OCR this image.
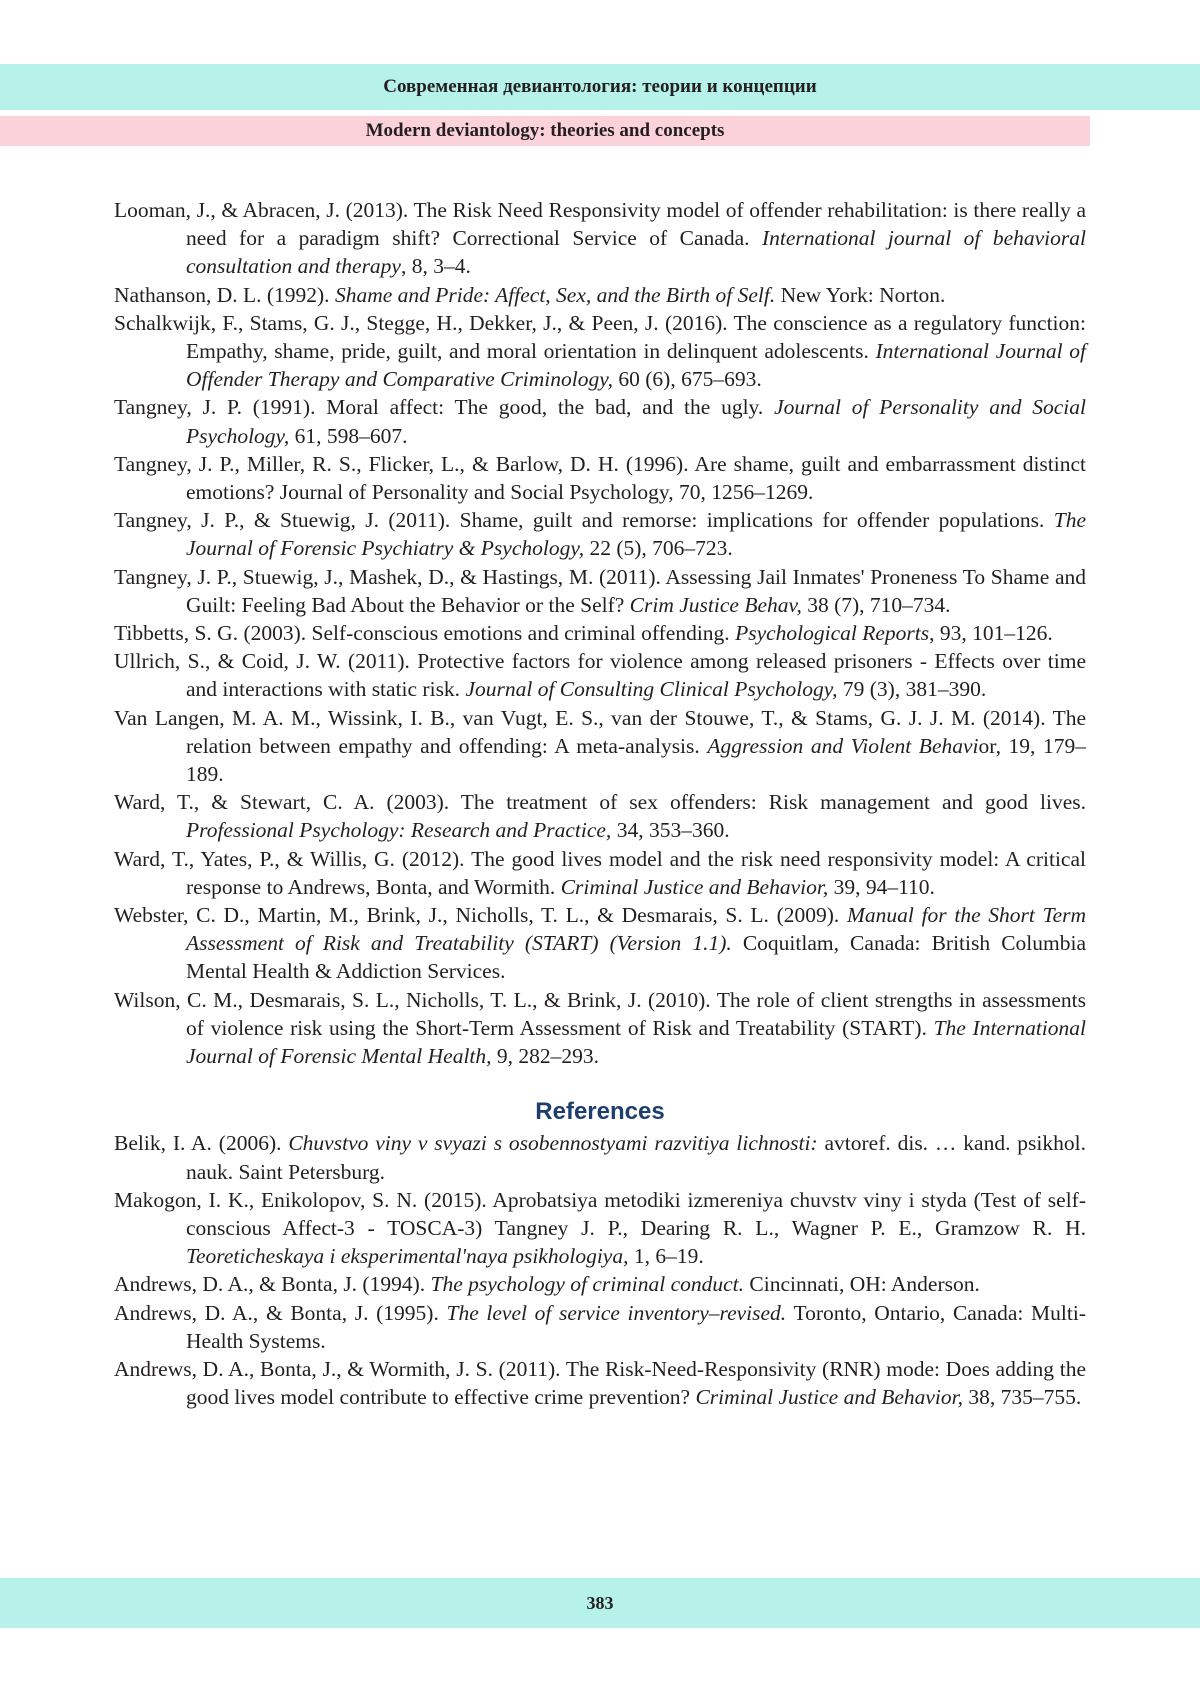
Современная девиантология: теории и концепции
Modern deviantology: theories and concepts

Looman, J., & Abracen, J. (2013). The Risk Need Responsivity model of offender rehabilitation: is there really a need for a paradigm shift? Correctional Service of Canada. International journal of behavioral consultation and therapy, 8, 3–4.

Nathanson, D. L. (1992). Shame and Pride: Affect, Sex, and the Birth of Self. New York: Norton.

Schalkwijk, F., Stams, G. J., Stegge, H., Dekker, J., & Peen, J. (2016). The conscience as a regulatory function: Empathy, shame, pride, guilt, and moral orientation in delinquent adolescents. International Journal of Offender Therapy and Comparative Criminology, 60 (6), 675–693.

Tangney, J. P. (1991). Moral affect: The good, the bad, and the ugly. Journal of Personality and Social Psychology, 61, 598–607.

Tangney, J. P., Miller, R. S., Flicker, L., & Barlow, D. H. (1996). Are shame, guilt and embarrassment distinct emotions? Journal of Personality and Social Psychology, 70, 1256–1269.

Tangney, J. P., & Stuewig, J. (2011). Shame, guilt and remorse: implications for offender populations. The Journal of Forensic Psychiatry & Psychology, 22 (5), 706–723.

Tangney, J. P., Stuewig, J., Mashek, D., & Hastings, M. (2011). Assessing Jail Inmates' Proneness To Shame and Guilt: Feeling Bad About the Behavior or the Self? Crim Justice Behav, 38 (7), 710–734.

Tibbetts, S. G. (2003). Self-conscious emotions and criminal offending. Psychological Reports, 93, 101–126.

Ullrich, S., & Coid, J. W. (2011). Protective factors for violence among released prisoners - Effects over time and interactions with static risk. Journal of Consulting Clinical Psychology, 79 (3), 381–390.

Van Langen, M. A. M., Wissink, I. B., van Vugt, E. S., van der Stouwe, T., & Stams, G. J. J. M. (2014). The relation between empathy and offending: A meta-analysis. Aggression and Violent Behavior, 19, 179–189.

Ward, T., & Stewart, C. A. (2003). The treatment of sex offenders: Risk management and good lives. Professional Psychology: Research and Practice, 34, 353–360.

Ward, T., Yates, P., & Willis, G. (2012). The good lives model and the risk need responsivity model: A critical response to Andrews, Bonta, and Wormith. Criminal Justice and Behavior, 39, 94–110.

Webster, C. D., Martin, M., Brink, J., Nicholls, T. L., & Desmarais, S. L. (2009). Manual for the Short Term Assessment of Risk and Treatability (START) (Version 1.1). Coquitlam, Canada: British Columbia Mental Health & Addiction Services.

Wilson, C. M., Desmarais, S. L., Nicholls, T. L., & Brink, J. (2010). The role of client strengths in assessments of violence risk using the Short-Term Assessment of Risk and Treatability (START). The International Journal of Forensic Mental Health, 9, 282–293.

References

Belik, I. A. (2006). Chuvstvo viny v svyazi s osobennostyami razvitiya lichnosti: avtoref. dis. … kand. psikhol. nauk. Saint Petersburg.

Makogon, I. K., Enikolopov, S. N. (2015). Aprobatsiya metodiki izmereniya chuvstv viny i styda (Test of self-conscious Affect-3 - TOSCA-3) Tangney J. P., Dearing R. L., Wagner P. E., Gramzow R. H. Teoreticheskaya i eksperimental'naya psikhologiya, 1, 6–19.

Andrews, D. A., & Bonta, J. (1994). The psychology of criminal conduct. Cincinnati, OH: Anderson.

Andrews, D. A., & Bonta, J. (1995). The level of service inventory–revised. Toronto, Ontario, Canada: Multi-Health Systems.

Andrews, D. A., Bonta, J., & Wormith, J. S. (2011). The Risk-Need-Responsivity (RNR) mode: Does adding the good lives model contribute to effective crime prevention? Criminal Justice and Behavior, 38, 735–755.

383
